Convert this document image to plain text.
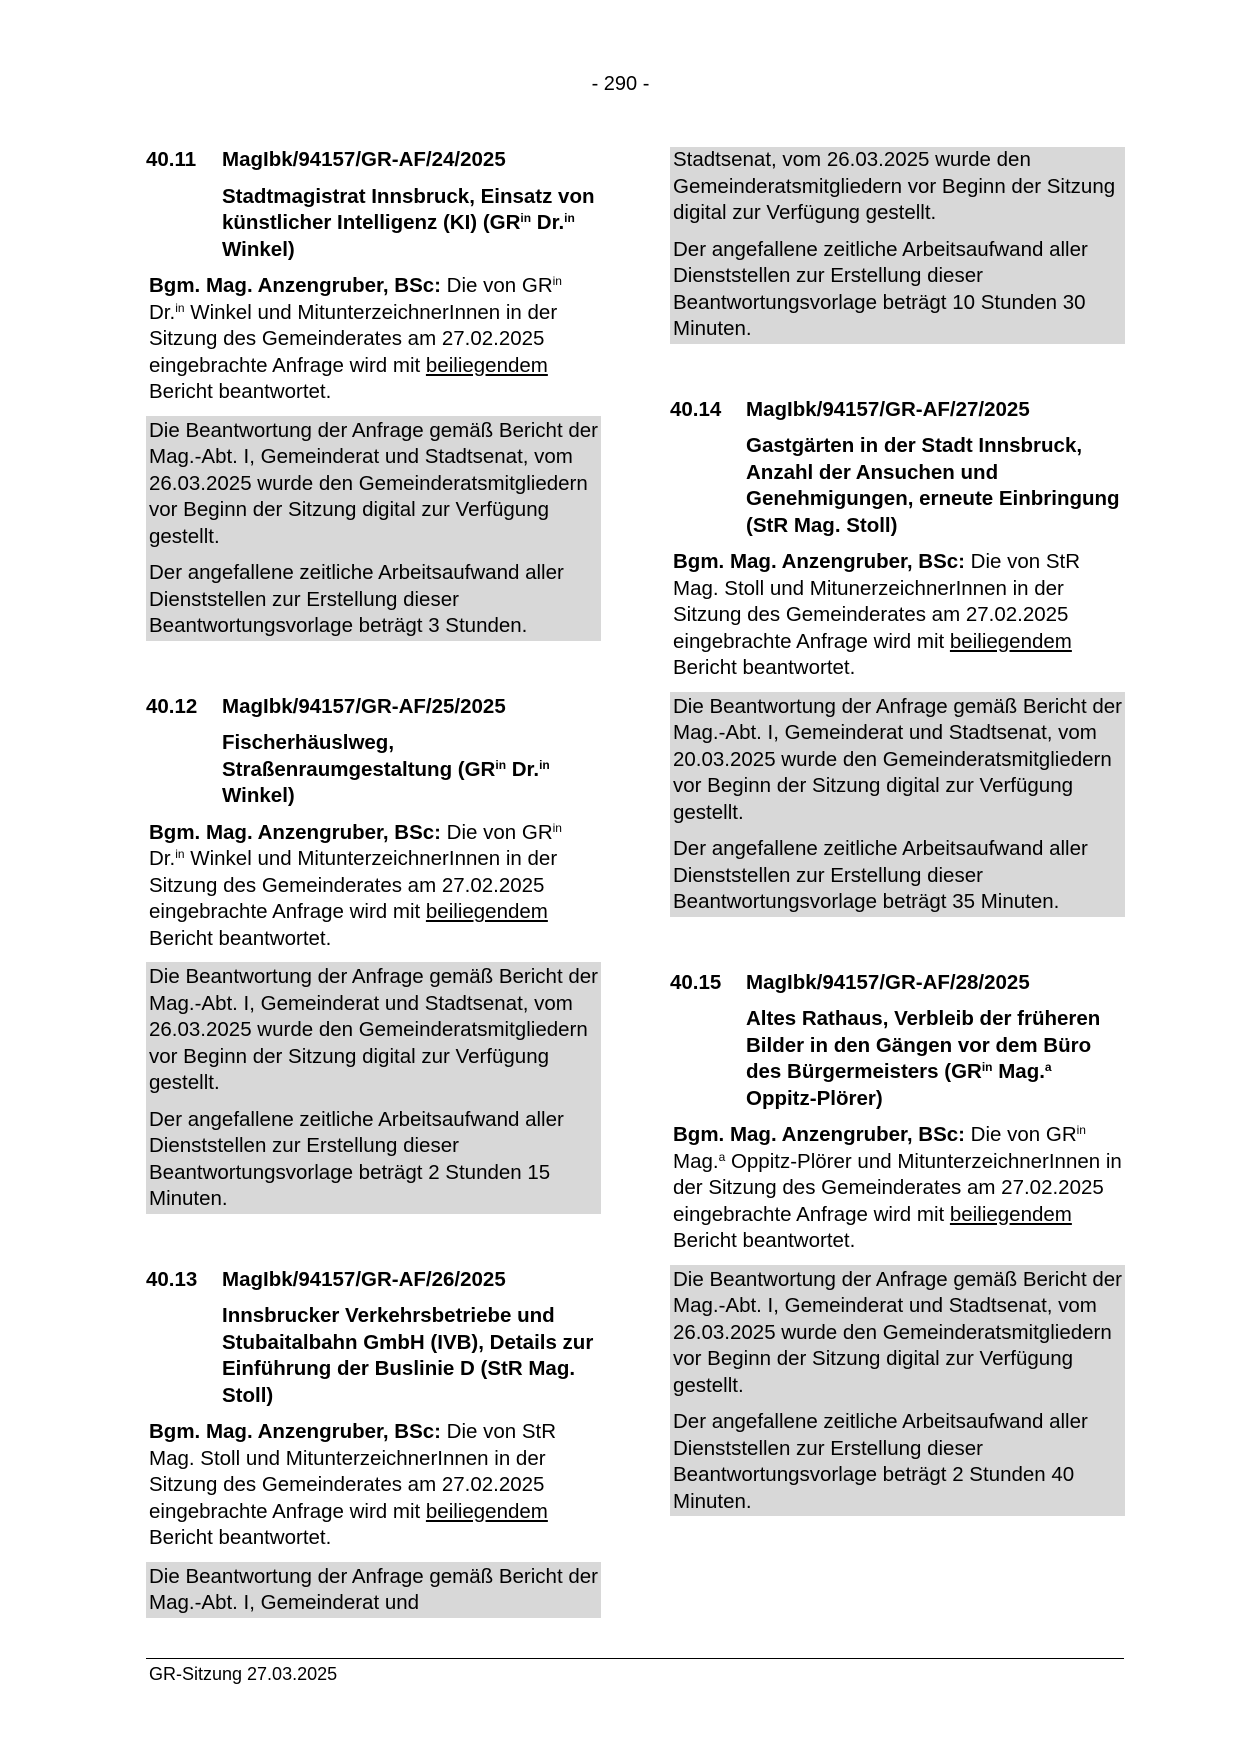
- 290 -

40.11	MagIbk/94157/GR-AF/24/2025

Stadtmagistrat Innsbruck, Einsatz von künstlicher Intelligenz (KI) ($GR^{in}$ Dr.$^{in}$ Winkel)

Bgm. Mag. Anzengruber, BSc: Die von $GR^{in}$ Dr.$^{in}$ Winkel und MitunterzeichnerInnen in der Sitzung des Gemeinderates am 27.02.2025 eingebrachte Anfrage wird mit beiliegendem Bericht beantwortet.

Die Beantwortung der Anfrage gemäß Bericht der Mag.-Abt. I, Gemeinderat und Stadtsenat, vom 26.03.2025 wurde den Gemeinderatsmitgliedern vor Beginn der Sitzung digital zur Verfügung gestellt.

Der angefallene zeitliche Arbeitsaufwand aller Dienststellen zur Erstellung dieser Beantwortungsvorlage beträgt 3 Stunden.

40.12	MagIbk/94157/GR-AF/25/2025

Fischerhäuslweg, Straßenraumgestaltung ($GR^{in}$ Dr.$^{in}$ Winkel)

Bgm. Mag. Anzengruber, BSc: Die von $GR^{in}$ Dr.$^{in}$ Winkel und MitunterzeichnerInnen in der Sitzung des Gemeinderates am 27.02.2025 eingebrachte Anfrage wird mit beiliegendem Bericht beantwortet.

Die Beantwortung der Anfrage gemäß Bericht der Mag.-Abt. I, Gemeinderat und Stadtsenat, vom 26.03.2025 wurde den Gemeinderatsmitgliedern vor Beginn der Sitzung digital zur Verfügung gestellt.

Der angefallene zeitliche Arbeitsaufwand aller Dienststellen zur Erstellung dieser Beantwortungsvorlage beträgt 2 Stunden 15 Minuten.

40.13	MagIbk/94157/GR-AF/26/2025

Innsbrucker Verkehrsbetriebe und Stubaitalbahn GmbH (IVB), Details zur Einführung der Buslinie D (StR Mag. Stoll)

Bgm. Mag. Anzengruber, BSc: Die von StR Mag. Stoll und MitunterzeichnerInnen in der Sitzung des Gemeinderates am 27.02.2025 eingebrachte Anfrage wird mit beiliegendem Bericht beantwortet.

Die Beantwortung der Anfrage gemäß Bericht der Mag.-Abt. I, Gemeinderat und

Stadtsenat, vom 26.03.2025 wurde den Gemeinderatsmitgliedern vor Beginn der Sitzung digital zur Verfügung gestellt.

Der angefallene zeitliche Arbeitsaufwand aller Dienststellen zur Erstellung dieser Beantwortungsvorlage beträgt 10 Stunden 30 Minuten.

40.14	MagIbk/94157/GR-AF/27/2025

Gastgärten in der Stadt Innsbruck, Anzahl der Ansuchen und Genehmigungen, erneute Einbringung (StR Mag. Stoll)

Bgm. Mag. Anzengruber, BSc: Die von StR Mag. Stoll und MitunerzeichnerInnen in der Sitzung des Gemeinderates am 27.02.2025 eingebrachte Anfrage wird mit beiliegendem Bericht beantwortet.

Die Beantwortung der Anfrage gemäß Bericht der Mag.-Abt. I, Gemeinderat und Stadtsenat, vom 20.03.2025 wurde den Gemeinderatsmitgliedern vor Beginn der Sitzung digital zur Verfügung gestellt.

Der angefallene zeitliche Arbeitsaufwand aller Dienststellen zur Erstellung dieser Beantwortungsvorlage beträgt 35 Minuten.

40.15	MagIbk/94157/GR-AF/28/2025

Altes Rathaus, Verbleib der früheren Bilder in den Gängen vor dem Büro des Bürgermeisters ($GR^{in}$ Mag.$^a$ Oppitz-Plörer)

Bgm. Mag. Anzengruber, BSc: Die von $GR^{in}$ Mag.$^a$ Oppitz-Plörer und MitunterzeichnerInnen in der Sitzung des Gemeinderates am 27.02.2025 eingebrachte Anfrage wird mit beiliegendem Bericht beantwortet.

Die Beantwortung der Anfrage gemäß Bericht der Mag.-Abt. I, Gemeinderat und Stadtsenat, vom 26.03.2025 wurde den Gemeinderatsmitgliedern vor Beginn der Sitzung digital zur Verfügung gestellt.

Der angefallene zeitliche Arbeitsaufwand aller Dienststellen zur Erstellung dieser Beantwortungsvorlage beträgt 2 Stunden 40 Minuten.

GR-Sitzung 27.03.2025
